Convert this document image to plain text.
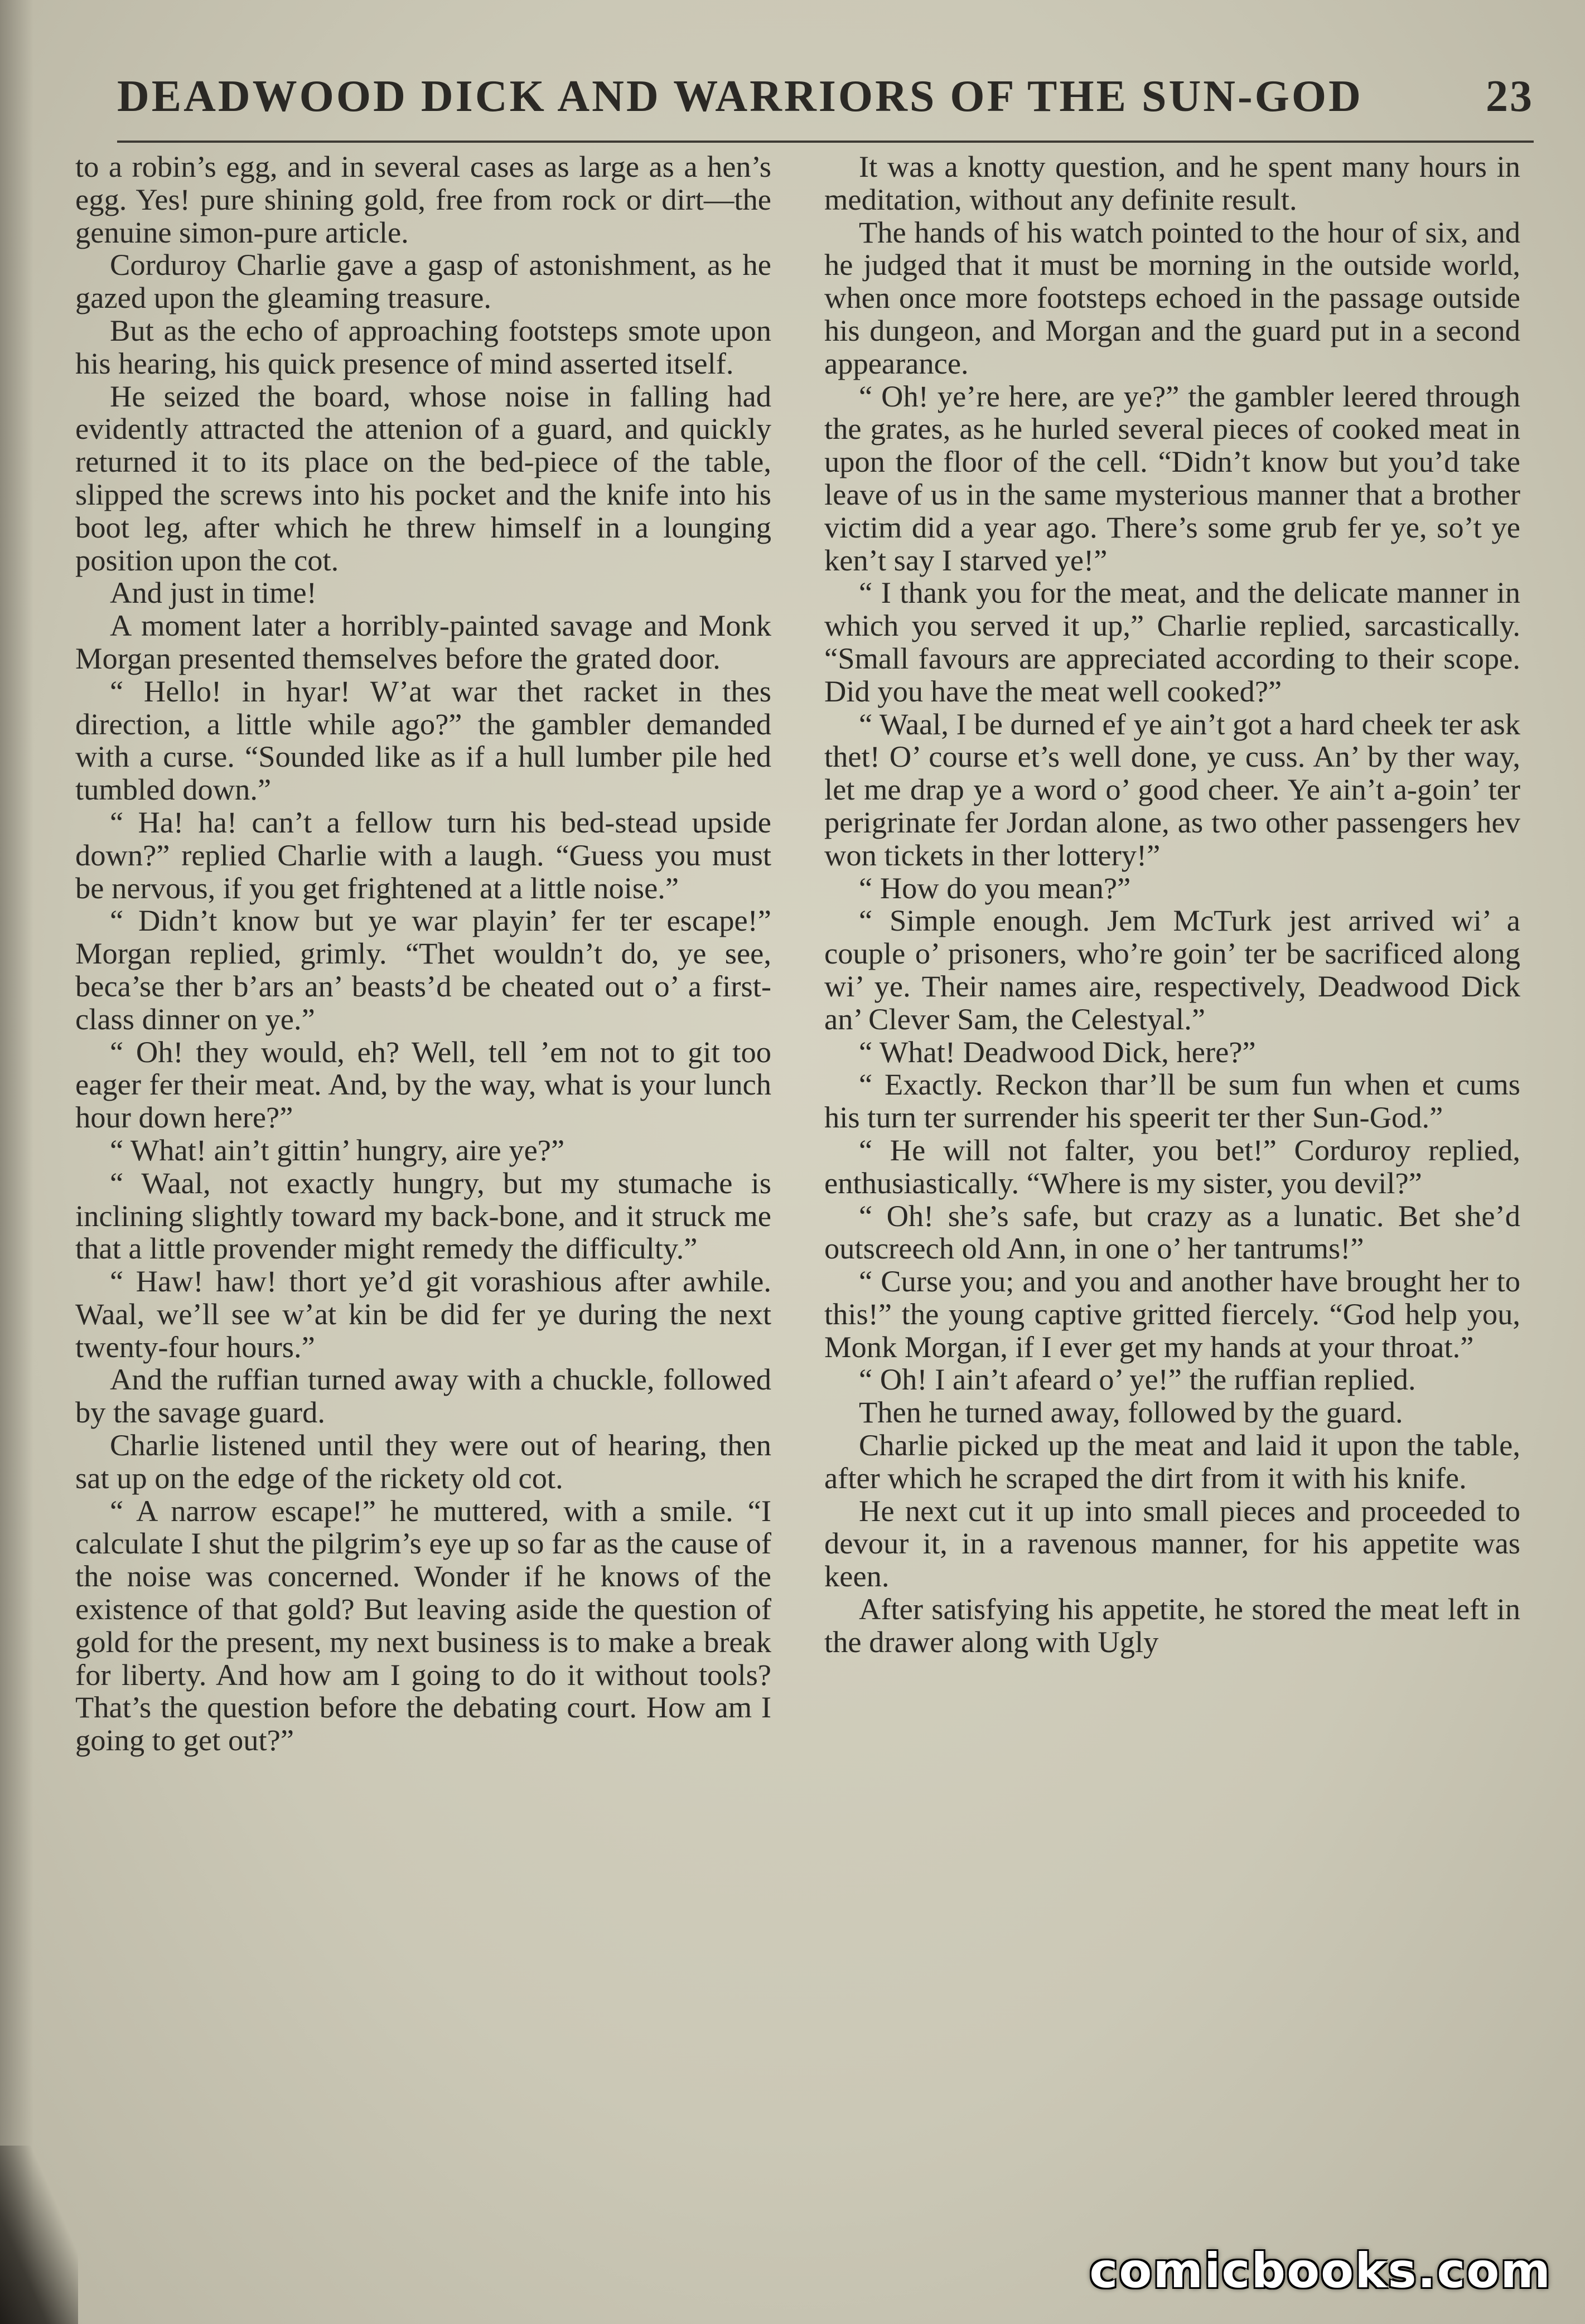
DEADWOOD DICK AND WARRIORS OF THE SUN-GOD	23

to a robin’s egg, and in several cases as large as a hen’s egg. Yes! pure shining gold, free from rock or dirt—the genuine simon-pure article.

Corduroy Charlie gave a gasp of astonishment, as he gazed upon the gleaming treasure.

But as the echo of approaching footsteps smote upon his hearing, his quick presence of mind asserted itself.

He seized the board, whose noise in falling had evidently attracted the attenion of a guard, and quickly returned it to its place on the bed-piece of the table, slipped the screws into his pocket and the knife into his boot leg, after which he threw himself in a lounging position upon the cot.

And just in time!

A moment later a horribly-painted savage and Monk Morgan presented themselves before the grated door.

“ Hello! in hyar! W’at war thet racket in thes direction, a little while ago?” the gambler demanded with a curse. “Sounded like as if a hull lumber pile hed tumbled down.”

“ Ha! ha! can’t a fellow turn his bed-stead upside down?” replied Charlie with a laugh. “Guess you must be nervous, if you get frightened at a little noise.”

“ Didn’t know but ye war playin’ fer ter escape!” Morgan replied, grimly. “Thet wouldn’t do, ye see, beca’se ther b’ars an’ beasts’d be cheated out o’ a first-class dinner on ye.”

“ Oh! they would, eh? Well, tell ’em not to git too eager fer their meat. And, by the way, what is your lunch hour down here?”

“ What! ain’t gittin’ hungry, aire ye?”

“ Waal, not exactly hungry, but my stumache is inclining slightly toward my back-bone, and it struck me that a little provender might remedy the difficulty.”

“ Haw! haw! thort ye’d git vorashious after awhile. Waal, we’ll see w’at kin be did fer ye during the next twenty-four hours.”

And the ruffian turned away with a chuckle, followed by the savage guard.

Charlie listened until they were out of hearing, then sat up on the edge of the rickety old cot.

“ A narrow escape!” he muttered, with a smile. “I calculate I shut the pilgrim’s eye up so far as the cause of the noise was concerned. Wonder if he knows of the existence of that gold? But leaving aside the question of gold for the present, my next business is to make a break for liberty. And how am I going to do it without tools? That’s the question before the debating court. How am I going to get out?”

It was a knotty question, and he spent many hours in meditation, without any definite result.

The hands of his watch pointed to the hour of six, and he judged that it must be morning in the outside world, when once more footsteps echoed in the passage outside his dungeon, and Morgan and the guard put in a second appearance.

“ Oh! ye’re here, are ye?” the gambler leered through the grates, as he hurled several pieces of cooked meat in upon the floor of the cell. “Didn’t know but you’d take leave of us in the same mysterious manner that a brother victim did a year ago. There’s some grub fer ye, so’t ye ken’t say I starved ye!”

“ I thank you for the meat, and the delicate manner in which you served it up,” Charlie replied, sarcastically. “Small favours are appreciated according to their scope. Did you have the meat well cooked?”

“ Waal, I be durned ef ye ain’t got a hard cheek ter ask thet! O’ course et’s well done, ye cuss. An’ by ther way, let me drap ye a word o’ good cheer. Ye ain’t a-goin’ ter perigrinate fer Jordan alone, as two other passengers hev won tickets in ther lottery!”

“ How do you mean?”

“ Simple enough. Jem McTurk jest arrived wi’ a couple o’ prisoners, who’re goin’ ter be sacrificed along wi’ ye. Their names aire, respectively, Deadwood Dick an’ Clever Sam, the Celestyal.”

“ What! Deadwood Dick, here?”

“ Exactly. Reckon thar’ll be sum fun when et cums his turn ter surrender his speerit ter ther Sun-God.”

“ He will not falter, you bet!” Corduroy replied, enthusiastically. “Where is my sister, you devil?”

“ Oh! she’s safe, but crazy as a lunatic. Bet she’d outscreech old Ann, in one o’ her tantrums!”

“ Curse you; and you and another have brought her to this!” the young captive gritted fiercely. “God help you, Monk Morgan, if I ever get my hands at your throat.”

“ Oh! I ain’t afeard o’ ye!” the ruffian replied.

Then he turned away, followed by the guard.

Charlie picked up the meat and laid it upon the table, after which he scraped the dirt from it with his knife.

He next cut it up into small pieces and proceeded to devour it, in a ravenous manner, for his appetite was keen.

After satisfying his appetite, he stored the meat left in the drawer along with Ugly

comicbooks.com
